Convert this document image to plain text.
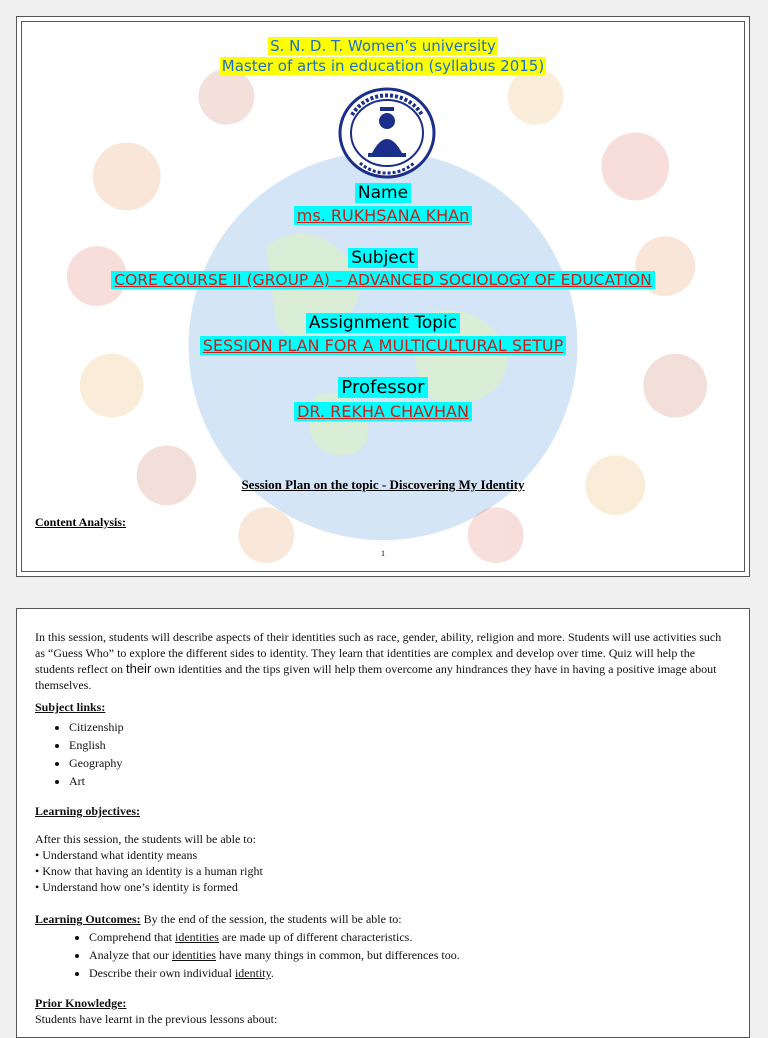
S. N. D. T. Women’s university
Master of arts in education (syllabus 2015)
Name
ms. RUKHSANA KHAn
Subject
CORE COURSE II (GROUP A) – ADVANCED SOCIOLOGY OF EDUCATION
Assignment Topic
SESSION PLAN FOR A MULTICULTURAL SETUP
Professor
DR. REKHA CHAVHAN
Session Plan on the topic - Discovering My Identity
Content Analysis:
1

In this session, students will describe aspects of their identities such as race, gender, ability, religion and more. Students will use activities such as “Guess Who” to explore the different sides to identity. They learn that identities are complex and develop over time. Quiz will help the students reflect on their own identities and the tips given will help them overcome any hindrances they have in having a positive image about themselves.

Subject links:
• Citizenship
• English
• Geography
• Art
Learning objectives:
After this session, the students will be able to:
• Understand what identity means
• Know that having an identity is a human right
• Understand how one’s identity is formed
Learning Outcomes: By the end of the session, the students will be able to:
• Comprehend that identities are made up of different characteristics.
• Analyze that our identities have many things in common, but differences too.
• Describe their own individual identity.
Prior Knowledge:
Students have learnt in the previous lessons about:
